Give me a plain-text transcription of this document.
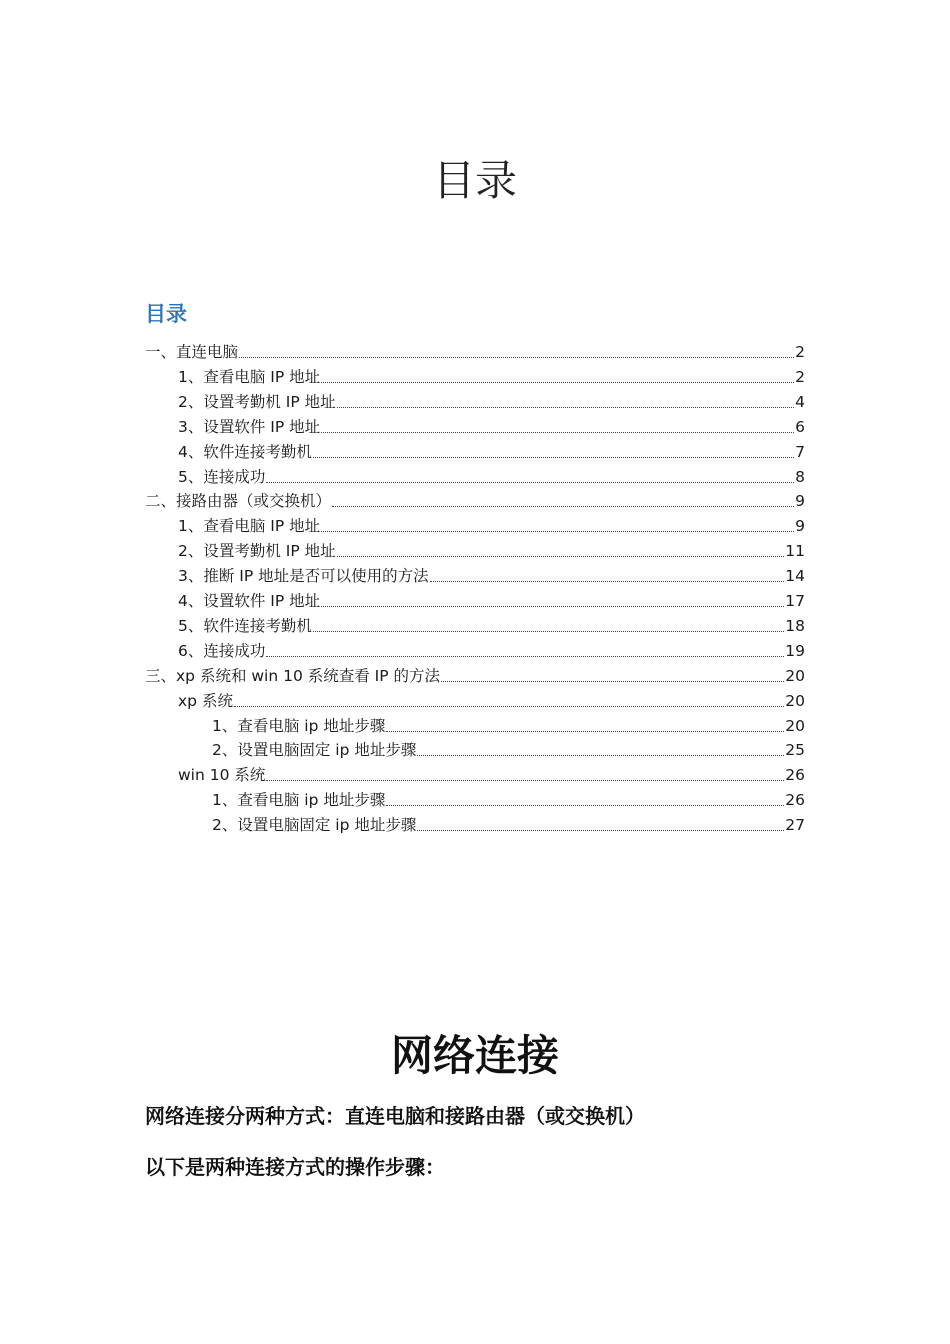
目录
目录
一、直连电脑	2
1、查看电脑 IP 地址	2
2、设置考勤机 IP 地址	4
3、设置软件 IP 地址	6
4、软件连接考勤机	7
5、连接成功	8
二、接路由器（或交换机）	9
1、查看电脑 IP 地址	9
2、设置考勤机 IP 地址	11
3、推断 IP 地址是否可以使用的方法	14
4、设置软件 IP 地址	17
5、软件连接考勤机	18
6、连接成功	19
三、xp 系统和 win 10 系统查看 IP 的方法	20
xp 系统	20
1、查看电脑 ip 地址步骤	20
2、设置电脑固定 ip 地址步骤	25
win 10 系统	26
1、查看电脑 ip 地址步骤	26
2、设置电脑固定 ip 地址步骤	27
网络连接
网络连接分两种方式：直连电脑和接路由器（或交换机）
以下是两种连接方式的操作步骤：
